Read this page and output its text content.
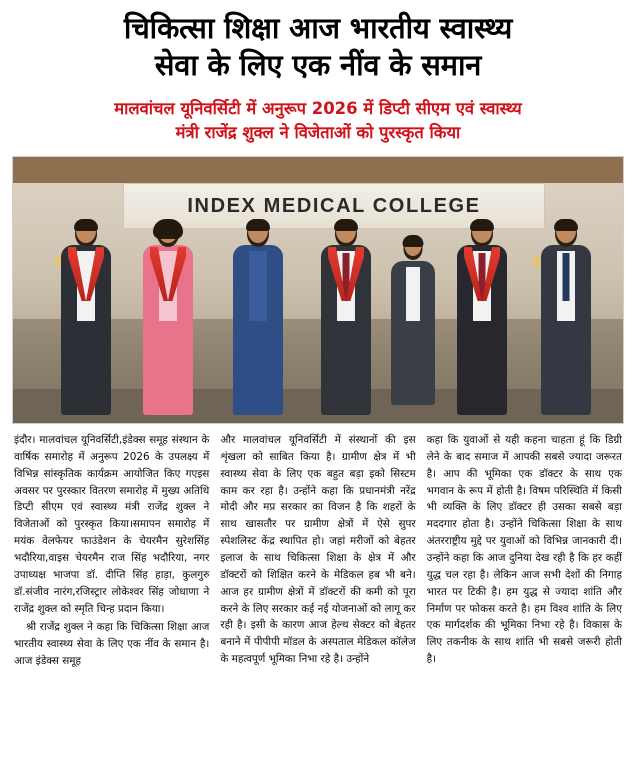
चिकित्सा शिक्षा आज भारतीय स्वास्थ्य
सेवा के लिए एक नींव के समान
मालवांचल यूनिवर्सिटी में अनुरूप 2026 में डिप्टी सीएम एवं स्वास्थ्य
मंत्री राजेंद्र शुक्ल ने विजेताओं को पुरस्कृत किया
INDEX MEDICAL COLLEGE

इंदौर। मालवांचल यूनिवर्सिटी,इंडेक्स समूह संस्थान के वार्षिक समारोह में अनुरूप 2026 के उपलक्ष्य में विभिन्न सांस्कृतिक कार्यक्रम आयोजित किए गएइस अवसर पर पुरस्कार वितरण समारोह में मुख्य अतिथि डिप्टी सीएम एवं स्वास्थ्य मंत्री राजेंद्र शुक्ल ने विजेताओं को पुरस्कृत किया।समापन समारोह में मयंक वेलफेयर फाउंडेशन के चेयरमैन सुरेशसिंह भदौरिया,वाइस चेयरमैन राज सिंह भदौरिया, नगर उपाध्यक्ष भाजपा डॉ. दीप्ति सिंह हाड़ा, कुलगुरु डॉ.संजीव नारंग,रजिस्ट्रार लोकेश्वर सिंह जोधाणा ने राजेंद्र शुक्ल को स्मृति चिन्ह प्रदान किया।

श्री राजेंद्र शुक्ल ने कहा कि चिकित्सा शिक्षा आज भारतीय स्वास्थ्य सेवा के लिए एक नींव के समान है। आज इंडेक्स समूह

और मालवांचल यूनिवर्सिटी में संस्थानों की इस शृंखला को साबित किया है। ग्रामीण क्षेत्र में भी स्वास्थ्य सेवा के लिए एक बहुत बड़ा इको सिस्टम काम कर रहा है। उन्होंने कहा कि प्रधानमंत्री नरेंद्र मोदी और मप्र सरकार का विजन है कि शहरों के साथ खासतौर पर ग्रामीण क्षेत्रों में ऐसे सुपर स्पेशलिस्ट केंद्र स्थापित हो। जहां मरीजों को बेहतर इलाज के साथ चिकित्सा शिक्षा के क्षेत्र में और डॉक्टरों को शिक्षित करने के मेडिकल हब भी बने। आज हर ग्रामीण क्षेत्रों में डॉक्टरों की कमी को पूरा करने के लिए सरकार कई नई योजनाओं को लागू कर रही है। इसी के कारण आज हेल्थ सेक्टर को बेहतर बनाने में पीपीपी मॉडल के अस्पताल मेडिकल कॉलेज के महत्वपूर्ण भूमिका निभा रहे है। उन्होंने

कहा कि युवाओं से यही कहना चाहता हूं कि डिग्री लेने के बाद समाज में आपकी सबसे ज्यादा जरूरत है। आप की भूमिका एक डॉक्टर के साथ एक भगवान के रूप में होती है। विषम परिस्थिति में किसी भी व्यक्ति के लिए डॉक्टर ही उसका सबसे बड़ा मददगार होता है। उन्होंने चिकित्सा शिक्षा के साथ अंतरराष्ट्रीय मुद्दे पर युवाओं को विभिन्न जानकारी दी। उन्होंने कहा कि आज दुनिया देख रही है कि हर कहीं युद्ध चल रहा है। लेकिन आज सभी देशों की निगाह भारत पर टिकी है। हम युद्ध से ज्यादा शांति और निर्माण पर फोकस करते है। हम विश्व शांति के लिए एक मार्गदर्शक की भूमिका निभा रहे है। विकास के लिए तकनीक के साथ शांति भी सबसे जरूरी होती है।
